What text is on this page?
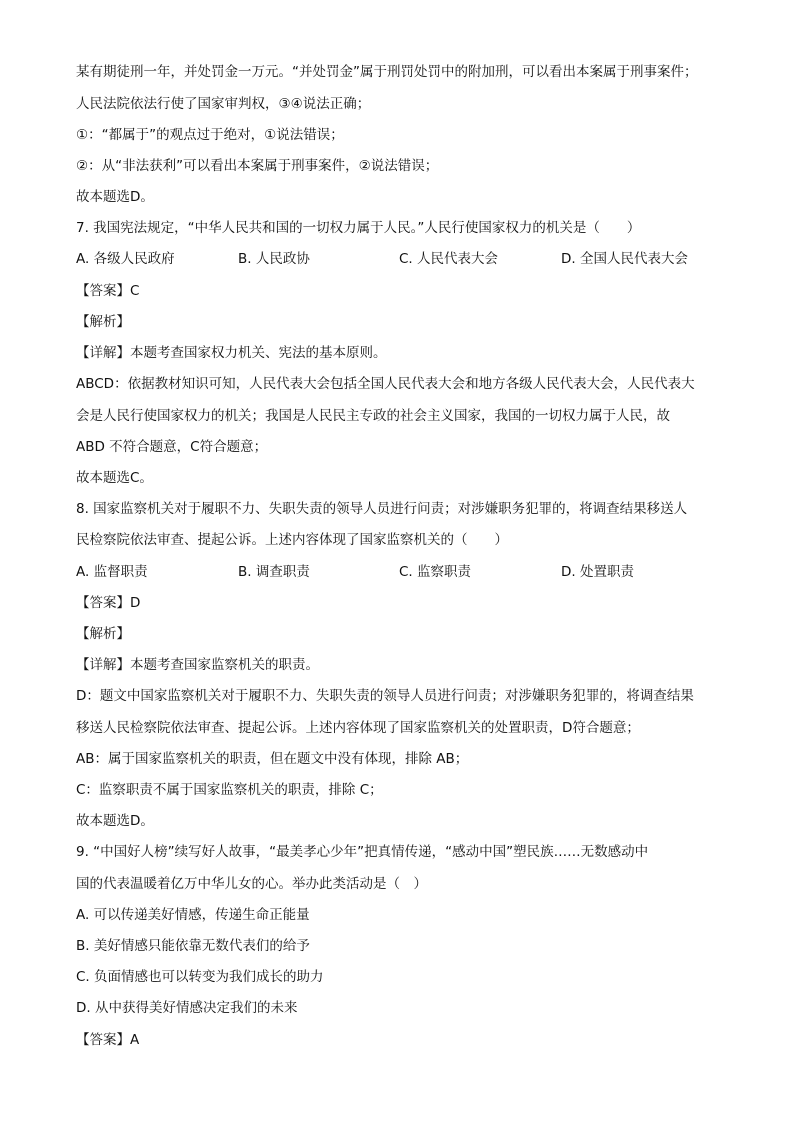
某有期徒刑一年，并处罚金一万元。“并处罚金”属于刑罚处罚中的附加刑，可以看出本案属于刑事案件；
人民法院依法行使了国家审判权，③④说法正确；
①：“都属于”的观点过于绝对，①说法错误；
②：从“非法获利”可以看出本案属于刑事案件，②说法错误；
故本题选D。
7. 我国宪法规定，“中华人民共和国的一切权力属于人民。”人民行使国家权力的机关是（　　）
A. 各级人民政府	B. 人民政协	C. 人民代表大会	D. 全国人民代表大会
【答案】C
【解析】
【详解】本题考查国家权力机关、宪法的基本原则。
ABCD：依据教材知识可知，人民代表大会包括全国人民代表大会和地方各级人民代表大会，人民代表大
会是人民行使国家权力的机关；我国是人民民主专政的社会主义国家，我国的一切权力属于人民，故
ABD 不符合题意，C符合题意；
故本题选C。
8. 国家监察机关对于履职不力、失职失责的领导人员进行问责；对涉嫌职务犯罪的，将调查结果移送人
民检察院依法审查、提起公诉。上述内容体现了国家监察机关的（　　）
A. 监督职责	B. 调查职责	C. 监察职责	D. 处置职责
【答案】D
【解析】
【详解】本题考查国家监察机关的职责。
D：题文中国家监察机关对于履职不力、失职失责的领导人员进行问责；对涉嫌职务犯罪的，将调查结果
移送人民检察院依法审查、提起公诉。上述内容体现了国家监察机关的处置职责，D符合题意；
AB：属于国家监察机关的职责，但在题文中没有体现，排除 AB；
C：监察职责不属于国家监察机关的职责，排除 C；
故本题选D。
9. “中国好人榜”续写好人故事，“最美孝心少年”把真情传递，“感动中国”塑民族……无数感动中
国的代表温暖着亿万中华儿女的心。举办此类活动是（　）
A. 可以传递美好情感，传递生命正能量
B. 美好情感只能依靠无数代表们的给予
C. 负面情感也可以转变为我们成长的助力
D. 从中获得美好情感决定我们的未来
【答案】A
